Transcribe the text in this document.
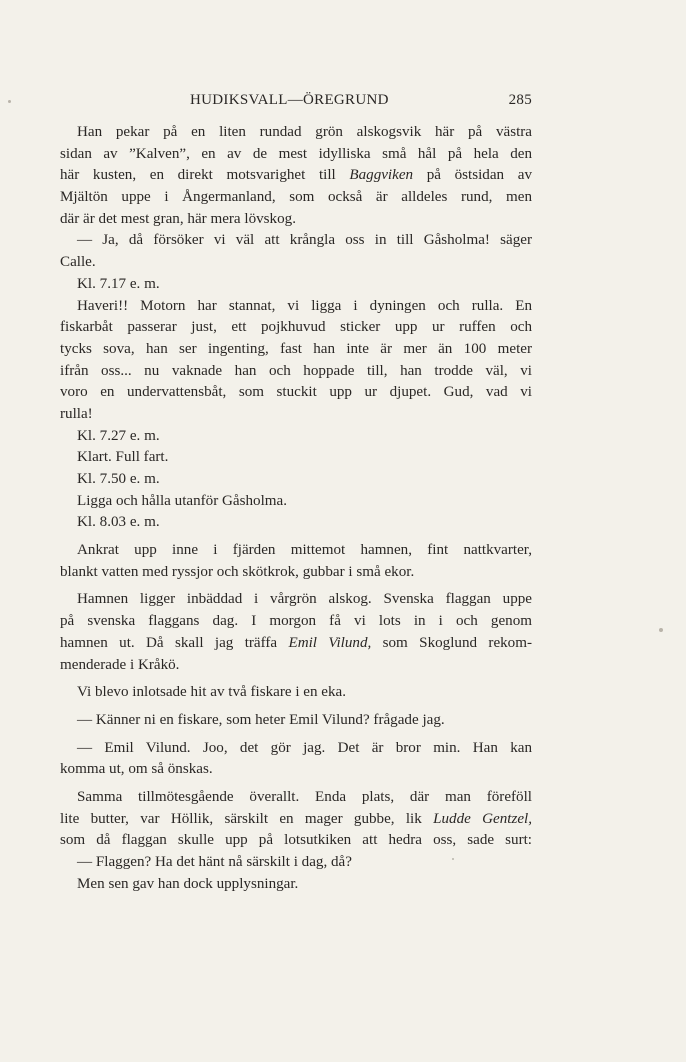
HUDIKSVALL—ÖREGRUND	285
Han pekar på en liten rundad grön alskogsvik här på västra
sidan av ”Kalven”, en av de mest idylliska små hål på hela den
här kusten, en direkt motsvarighet till Baggviken på östsidan av
Mjältön uppe i Ångermanland, som också är alldeles rund, men
där är det mest gran, här mera lövskog.
— Ja, då försöker vi väl att krångla oss in till Gåsholma! säger
Calle.
Kl. 7.17 e. m.
Haveri!! Motorn har stannat, vi ligga i dyningen och rulla. En
fiskarbåt passerar just, ett pojkhuvud sticker upp ur ruffen och
tycks sova, han ser ingenting, fast han inte är mer än 100 meter
ifrån oss... nu vaknade han och hoppade till, han trodde väl, vi
voro en undervattensbåt, som stuckit upp ur djupet. Gud, vad vi
rulla!
Kl. 7.27 e. m.
Klart. Full fart.
Kl. 7.50 e. m.
Ligga och hålla utanför Gåsholma.
Kl. 8.03 e. m.
Ankrat upp inne i fjärden mittemot hamnen, fint nattkvarter,
blankt vatten med ryssjor och skötkrok, gubbar i små ekor.
Hamnen ligger inbäddad i vårgrön alskog. Svenska flaggan uppe
på svenska flaggans dag. I morgon få vi lots in i och genom
hamnen ut. Då skall jag träffa Emil Vilund, som Skoglund rekom-
menderade i Kråkö.
Vi blevo inlotsade hit av två fiskare i en eka.
— Känner ni en fiskare, som heter Emil Vilund? frågade jag.
— Emil Vilund. Joo, det gör jag. Det är bror min. Han kan
komma ut, om så önskas.
Samma tillmötesgående överallt. Enda plats, där man föreföll
lite butter, var Höllik, särskilt en mager gubbe, lik Ludde Gentzel,
som då flaggan skulle upp på lotsutkiken att hedra oss, sade surt:
— Flaggen? Ha det hänt nå särskilt i dag, då?
Men sen gav han dock upplysningar.
